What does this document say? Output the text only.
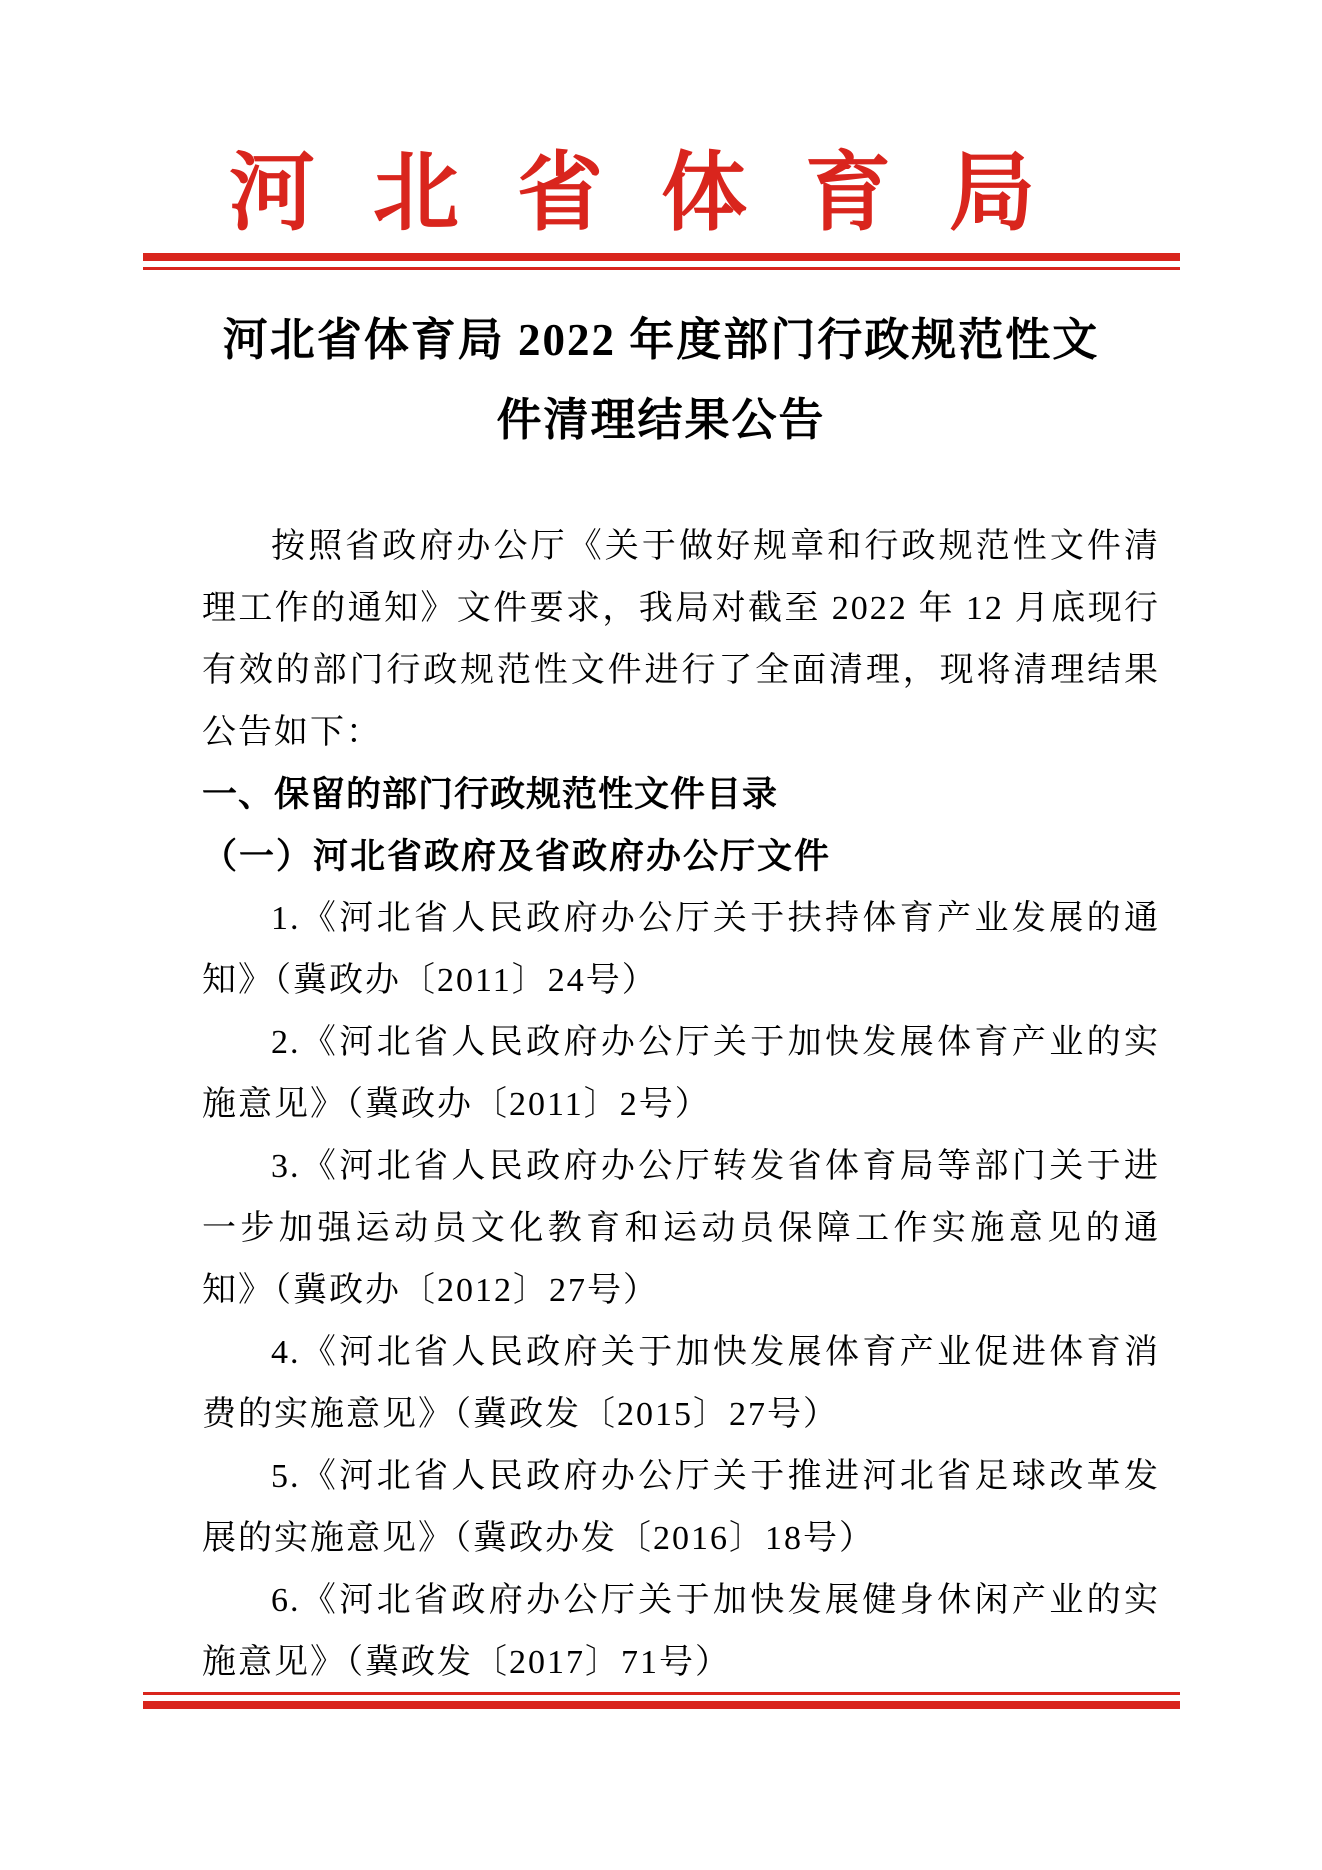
河北省体育局
河北省体育局 2022 年度部门行政规范性文
件清理结果公告
按照省政府办公厅《关于做好规章和行政规范性文件清
理工作的通知》文件要求，我局对截至 2022 年 12 月底现行
有效的部门行政规范性文件进行了全面清理，现将清理结果
公告如下：
一、保留的部门行政规范性文件目录
（一）河北省政府及省政府办公厅文件
1.《河北省人民政府办公厅关于扶持体育产业发展的通
知》（冀政办〔2011〕24号）
2.《河北省人民政府办公厅关于加快发展体育产业的实
施意见》（冀政办〔2011〕2号）
3.《河北省人民政府办公厅转发省体育局等部门关于进
一步加强运动员文化教育和运动员保障工作实施意见的通
知》（冀政办〔2012〕27号）
4.《河北省人民政府关于加快发展体育产业促进体育消
费的实施意见》（冀政发〔2015〕27号）
5.《河北省人民政府办公厅关于推进河北省足球改革发
展的实施意见》（冀政办发〔2016〕18号）
6.《河北省政府办公厅关于加快发展健身休闲产业的实
施意见》（冀政发〔2017〕71号）
